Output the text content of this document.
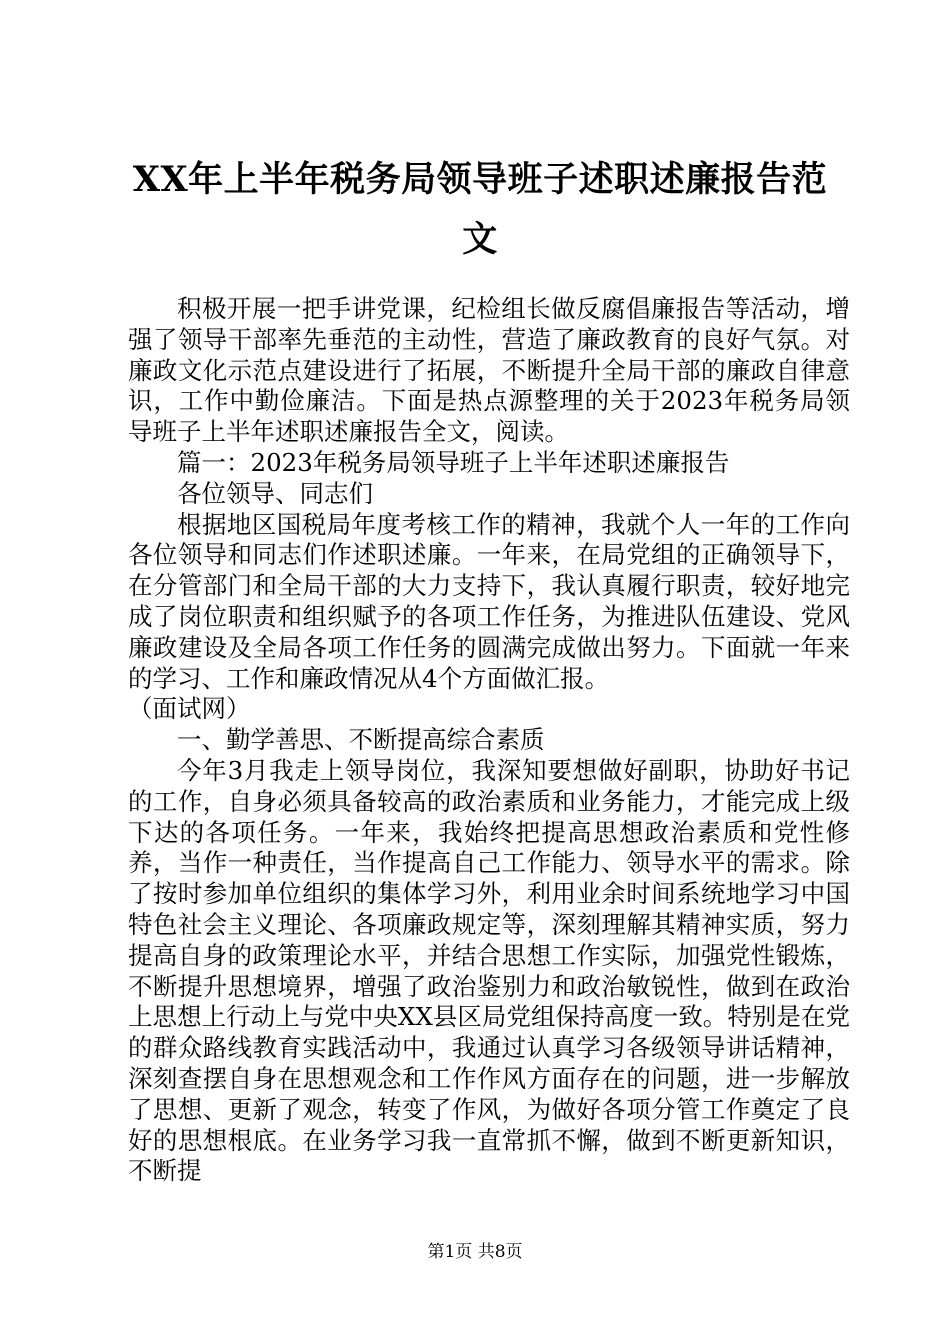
XX年上半年税务局领导班子述职述廉报告范文

积极开展一把手讲党课，纪检组长做反腐倡廉报告等活动，增强了领导干部率先垂范的主动性，营造了廉政教育的良好气氛。对廉政文化示范点建设进行了拓展，不断提升全局干部的廉政自律意识，工作中勤俭廉洁。下面是热点源整理的关于2023年税务局领导班子上半年述职述廉报告全文，阅读。

篇一：2023年税务局领导班子上半年述职述廉报告

各位领导、同志们

根据地区国税局年度考核工作的精神，我就个人一年的工作向各位领导和同志们作述职述廉。一年来，在局党组的正确领导下，在分管部门和全局干部的大力支持下，我认真履行职责，较好地完成了岗位职责和组织赋予的各项工作任务，为推进队伍建设、党风廉政建设及全局各项工作任务的圆满完成做出努力。下面就一年来的学习、工作和廉政情况从4个方面做汇报。

（面试网）

一、勤学善思、不断提高综合素质

今年3月我走上领导岗位，我深知要想做好副职，协助好书记的工作，自身必须具备较高的政治素质和业务能力，才能完成上级下达的各项任务。一年来，我始终把提高思想政治素质和党性修养，当作一种责任，当作提高自己工作能力、领导水平的需求。除了按时参加单位组织的集体学习外，利用业余时间系统地学习中国特色社会主义理论、各项廉政规定等，深刻理解其精神实质，努力提高自身的政策理论水平，并结合思想工作实际，加强党性锻炼，不断提升思想境界，增强了政治鉴别力和政治敏锐性，做到在政治上思想上行动上与党中央XX县区局党组保持高度一致。特别是在党的群众路线教育实践活动中，我通过认真学习各级领导讲话精神，深刻查摆自身在思想观念和工作作风方面存在的问题，进一步解放了思想、更新了观念，转变了作风，为做好各项分管工作奠定了良好的思想根底。在业务学习我一直常抓不懈，做到不断更新知识，不断提

第1页 共8页
